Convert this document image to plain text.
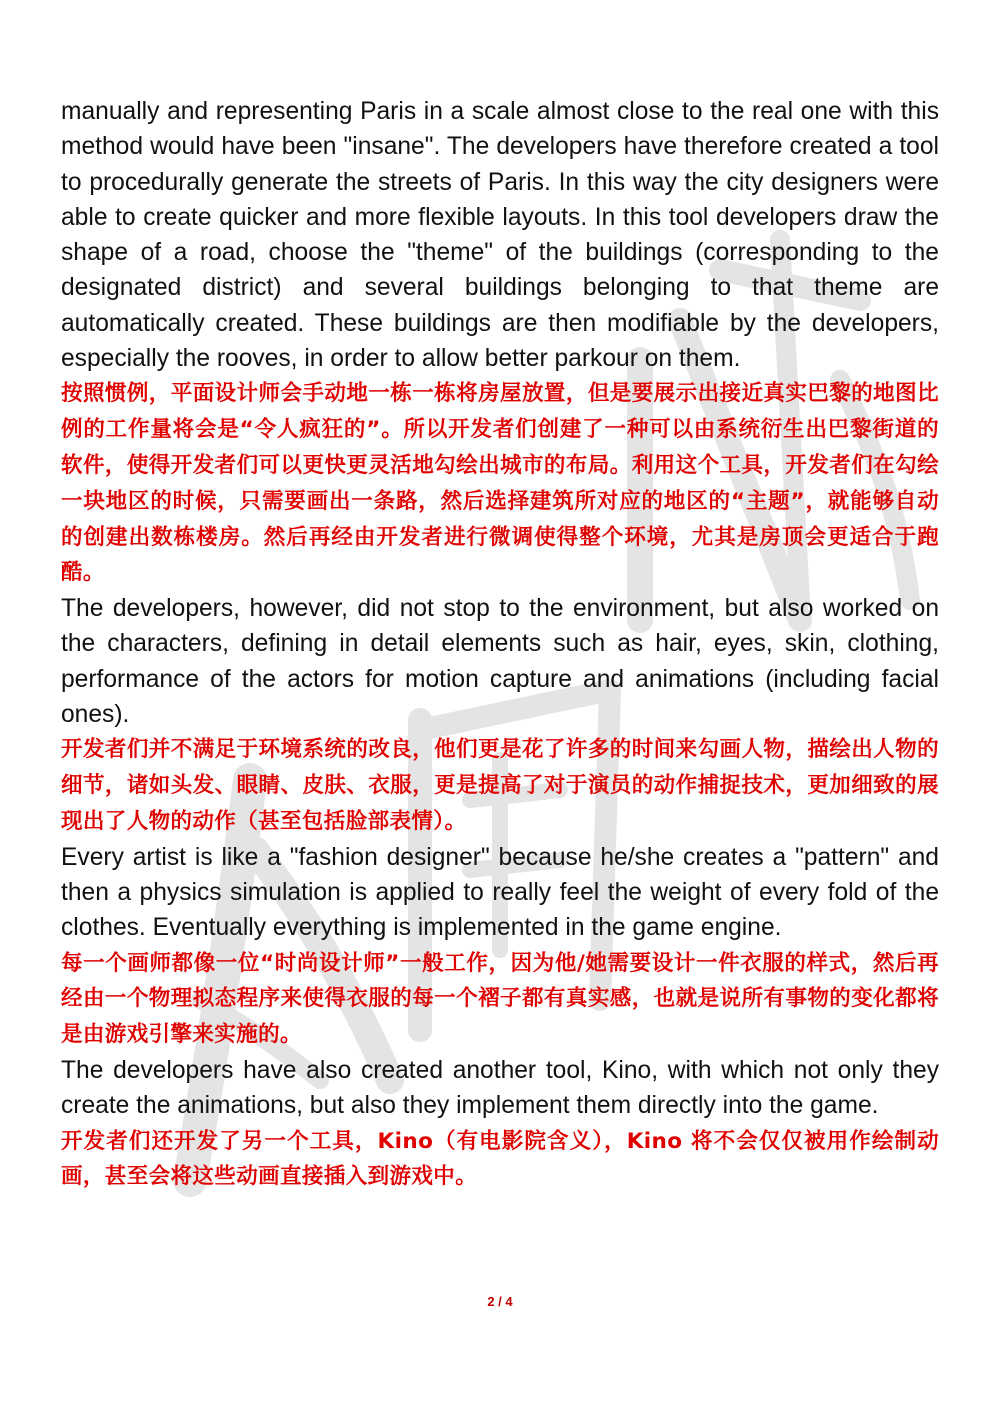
manually and representing Paris in a scale almost close to the real one with this method would have been "insane". The developers have therefore created a tool to procedurally generate the streets of Paris. In this way the city designers were able to create quicker and more flexible layouts. In this tool developers draw the shape of a road, choose the "theme" of the buildings (corresponding to the designated district) and several buildings belonging to that theme are automatically created. These buildings are then modifiable by the developers, especially the rooves, in order to allow better parkour on them.

按照惯例，平面设计师会手动地一栋一栋将房屋放置，但是要展示出接近真实巴黎的地图比例的工作量将会是“令人疯狂的”。所以开发者们创建了一种可以由系统衍生出巴黎街道的软件，使得开发者们可以更快更灵活地勾绘出城市的布局。利用这个工具，开发者们在勾绘一块地区的时候，只需要画出一条路，然后选择建筑所对应的地区的“主题”，就能够自动的创建出数栋楼房。然后再经由开发者进行微调使得整个环境，尤其是房顶会更适合于跑酷。

The developers, however, did not stop to the environment, but also worked on the characters, defining in detail elements such as hair, eyes, skin, clothing, performance of the actors for motion capture and animations (including facial ones).

开发者们并不满足于环境系统的改良，他们更是花了许多的时间来勾画人物，描绘出人物的细节，诸如头发、眼睛、皮肤、衣服，更是提高了对于演员的动作捕捉技术，更加细致的展现出了人物的动作（甚至包括脸部表情）。

Every artist is like a "fashion designer" because he/she creates a "pattern" and then a physics simulation is applied to really feel the weight of every fold of the clothes. Eventually everything is implemented in the game engine.

每一个画师都像一位“时尚设计师”一般工作，因为他/她需要设计一件衣服的样式，然后再经由一个物理拟态程序来使得衣服的每一个褶子都有真实感，也就是说所有事物的变化都将是由游戏引擎来实施的。

The developers have also created another tool, Kino, with which not only they create the animations, but also they implement them directly into the game.

开发者们还开发了另一个工具，Kino（有电影院含义），Kino 将不会仅仅被用作绘制动画，甚至会将这些动画直接插入到游戏中。

2 / 4
